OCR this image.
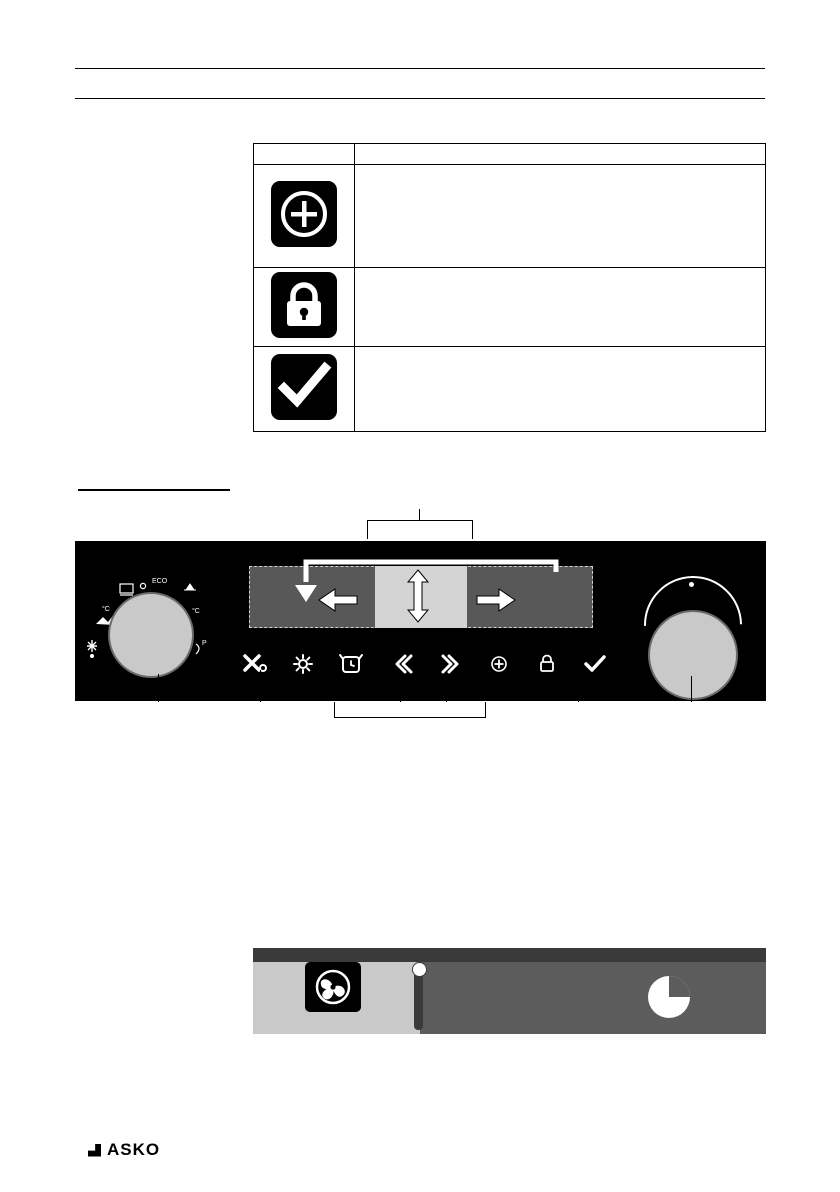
°C	°C
ECO
P
ASKO
